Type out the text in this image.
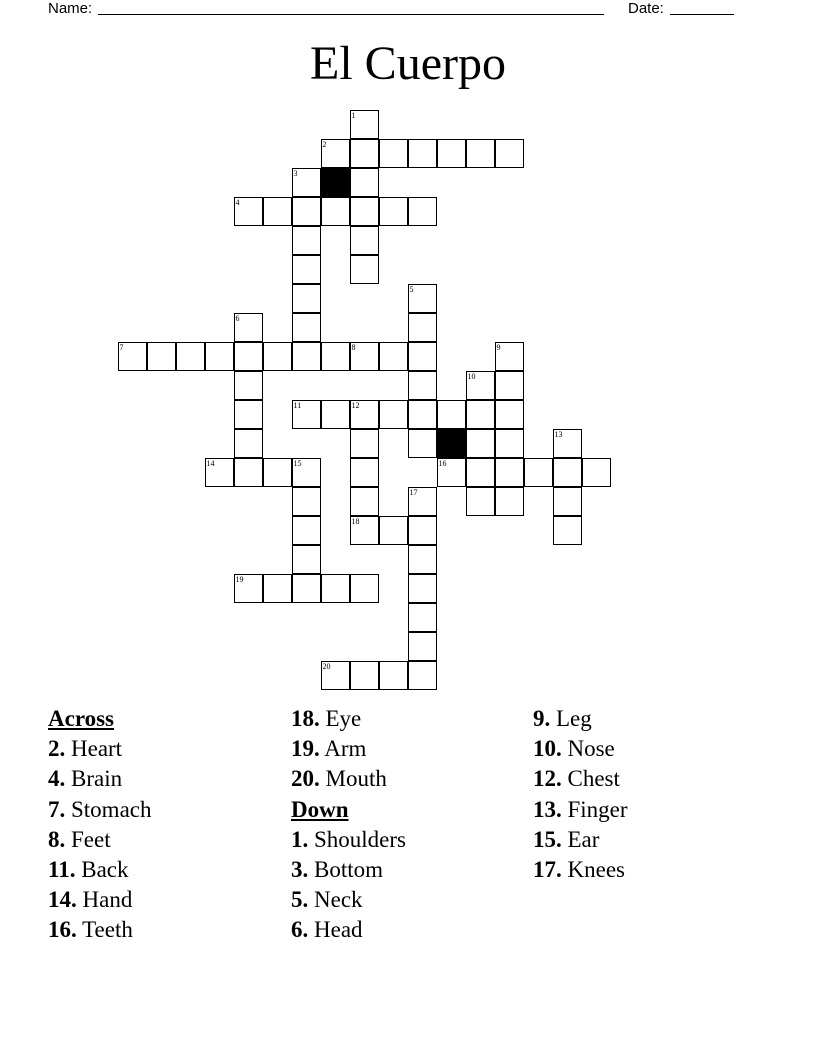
Name:	Date:
El Cuerpo
1
2
3
4
5
6
7	8	9
10
11	12
13
14	15	16
17
18
19
20
Across
2. Heart
4. Brain
7. Stomach
8. Feet
11. Back
14. Hand
16. Teeth
18. Eye
19. Arm
20. Mouth
Down
1. Shoulders
3. Bottom
5. Neck
6. Head
9. Leg
10. Nose
12. Chest
13. Finger
15. Ear
17. Knees
